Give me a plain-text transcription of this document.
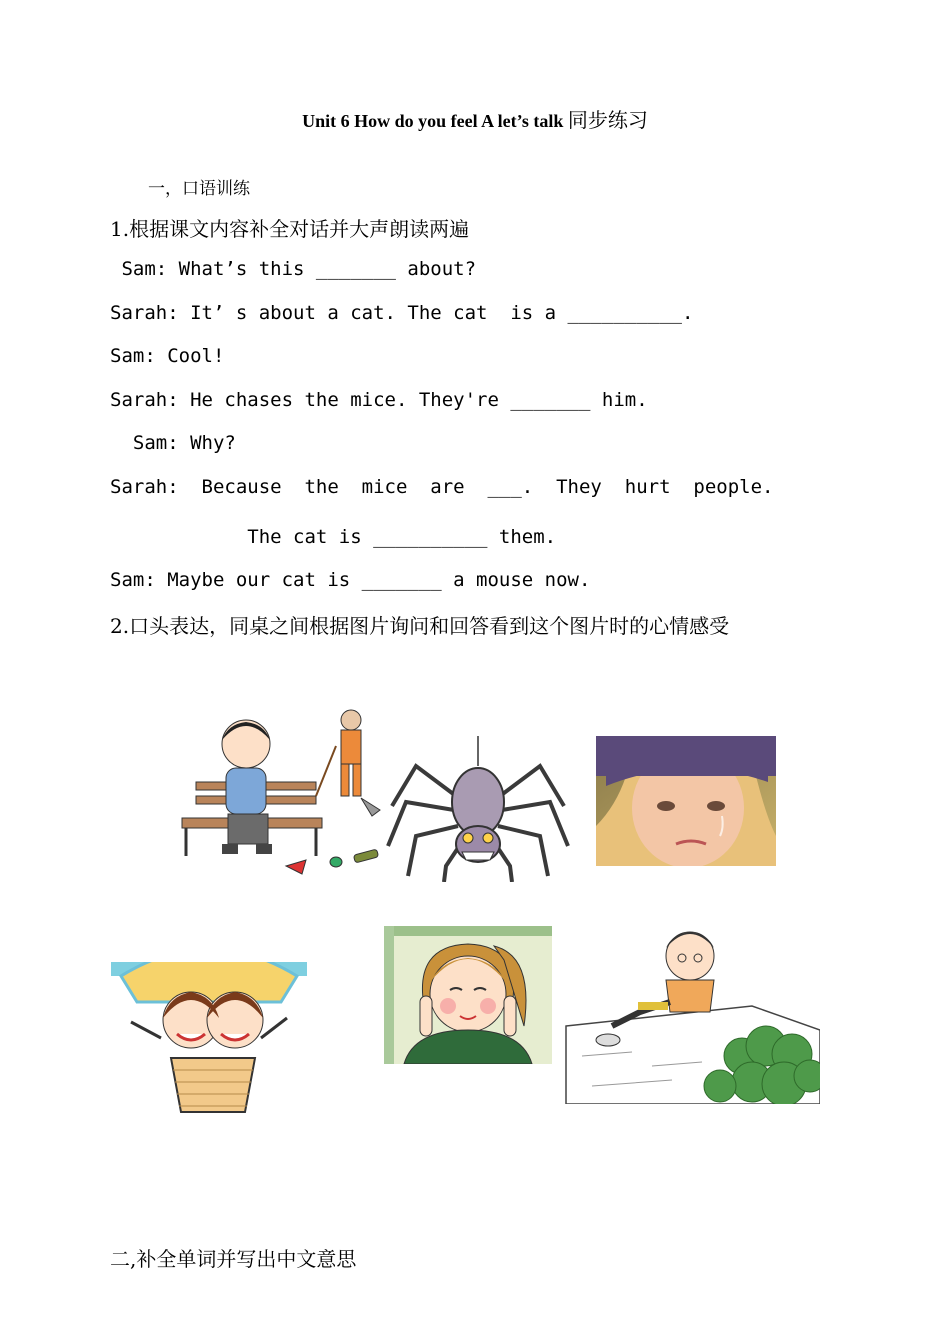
Unit 6 How do you feel A let’s talk 同步练习
一，口语训练
1.根据课文内容补全对话并大声朗读两遍
Sam: What’s this _______ about?
Sarah: It’ s about a cat. The cat  is a __________.
Sam: Cool!
Sarah: He chases the mice. They're _______ him.
Sam: Why?
Sarah:  Because  the  mice  are  ___.  They  hurt  people.
The cat is __________ them.
Sam: Maybe our cat is _______ a mouse now.
2.口头表达，同桌之间根据图片询问和回答看到这个图片时的心情感受
二,补全单词并写出中文意思
